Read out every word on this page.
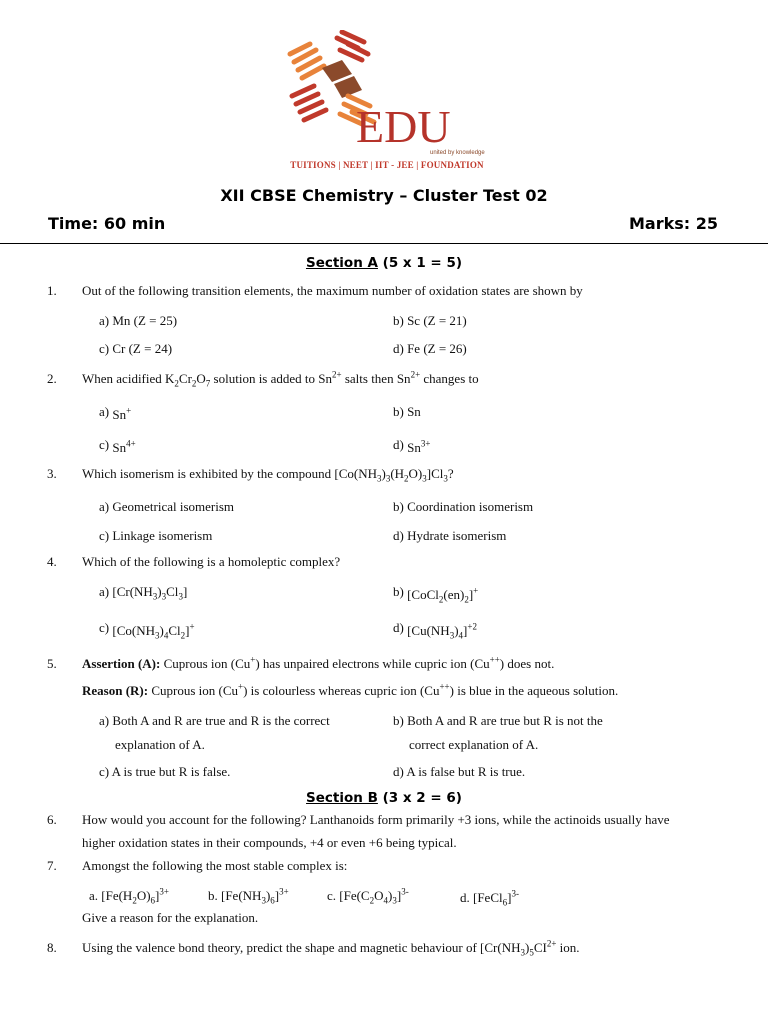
EDU
united by knowledge
TUITIONS | NEET | IIT - JEE | FOUNDATION
XII CBSE Chemistry – Cluster Test 02
Time: 60 min	Marks: 25
Section A (5 x 1 = 5)
1. Out of the following transition elements, the maximum number of oxidation states are shown by
a) Mn (Z = 25)	b) Sc (Z = 21)
c) Cr (Z = 24)	d) Fe (Z = 26)
2. When acidified $K_2Cr_2O_7$ solution is added to $Sn^{2+}$ salts then $Sn^{2+}$ changes to
a) Sn+	b) Sn
c) $Sn^{4+}$	d) $Sn^{3+}$
3. Which isomerism is exhibited by the compound $[Co(NH_3)_3(H_2O)_3]Cl_3$?
a) Geometrical isomerism	b) Coordination isomerism
c) Linkage isomerism	d) Hydrate isomerism
4. Which of the following is a homoleptic complex?
a) $[Cr(NH_3)_3Cl_3]$	b) $[CoCl_2(en)_2]^+$
c) $[Co(NH_3)_4Cl_2]^+$	d) $[Cu(NH_3)_4]^{+2}$
5. Assertion (A): Cuprous ion (Cu+) has unpaired electrons while cupric ion (Cu++) does not.
Reason (R): Cuprous ion (Cu+) is colourless whereas cupric ion (Cu++) is blue in the aqueous solution.
a) Both A and R are true and R is the correct
explanation of A.
b) Both A and R are true but R is not the
correct explanation of A.
c) A is true but R is false.	d) A is false but R is true.
Section B (3 x 2 = 6)
6. How would you account for the following? Lanthanoids form primarily +3 ions, while the actinoids usually have
higher oxidation states in their compounds, +4 or even +6 being typical.
7. Amongst the following the most stable complex is:
a. $[Fe(H_2O)_6]^{3+}$	b. $[Fe(NH_3)_6]^{3+}$	c. $[Fe(C_2O_4)_3]^{3-}$	d. [FeCl$_6$]$^{3-}$
Give a reason for the explanation.
8. Using the valence bond theory, predict the shape and magnetic behaviour of [$Cr(NH_3)_5CI^{2+}$ ion.
